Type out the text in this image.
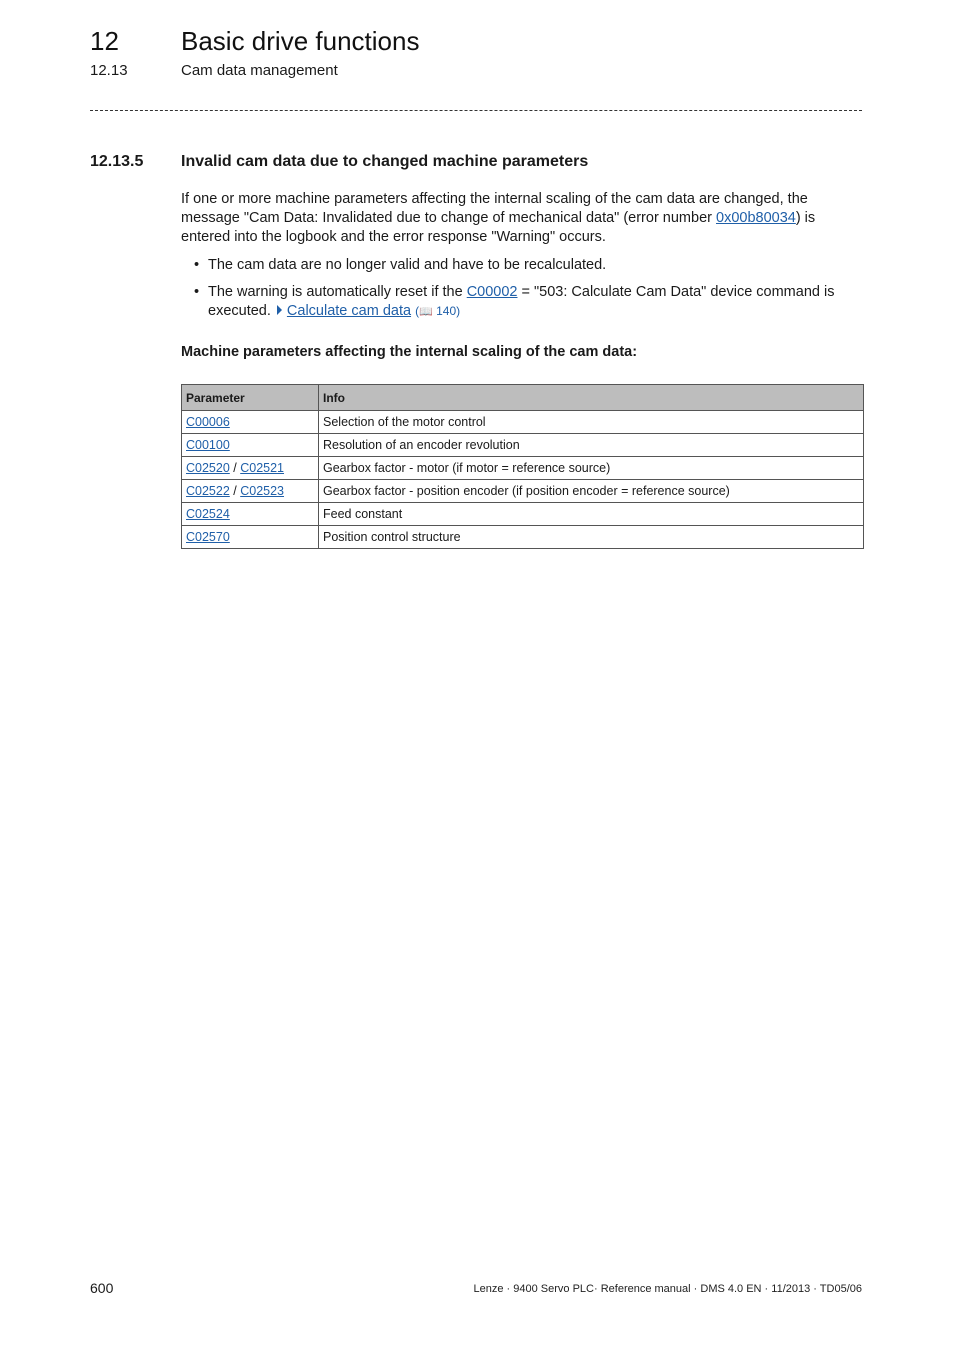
12 Basic drive functions
12.13	Cam data management
12.13.5 Invalid cam data due to changed machine parameters
If one or more machine parameters affecting the internal scaling of the cam data are changed, the message "Cam Data: Invalidated due to change of mechanical data" (error number 0x00b80034) is entered into the logbook and the error response "Warning" occurs.
• The cam data are no longer valid and have to be recalculated.
• The warning is automatically reset if the C00002 = "503: Calculate Cam Data" device command is executed. Calculate cam data (📖 140)
Machine parameters affecting the internal scaling of the cam data:
Parameter	Info
C00006	Selection of the motor control
C00100	Resolution of an encoder revolution
C02520 / C02521	Gearbox factor - motor (if motor = reference source)
C02522 / C02523	Gearbox factor - position encoder (if position encoder = reference source)
C02524	Feed constant
C02570	Position control structure
600	Lenze · 9400 Servo PLC· Reference manual · DMS 4.0 EN · 11/2013 · TD05/06
